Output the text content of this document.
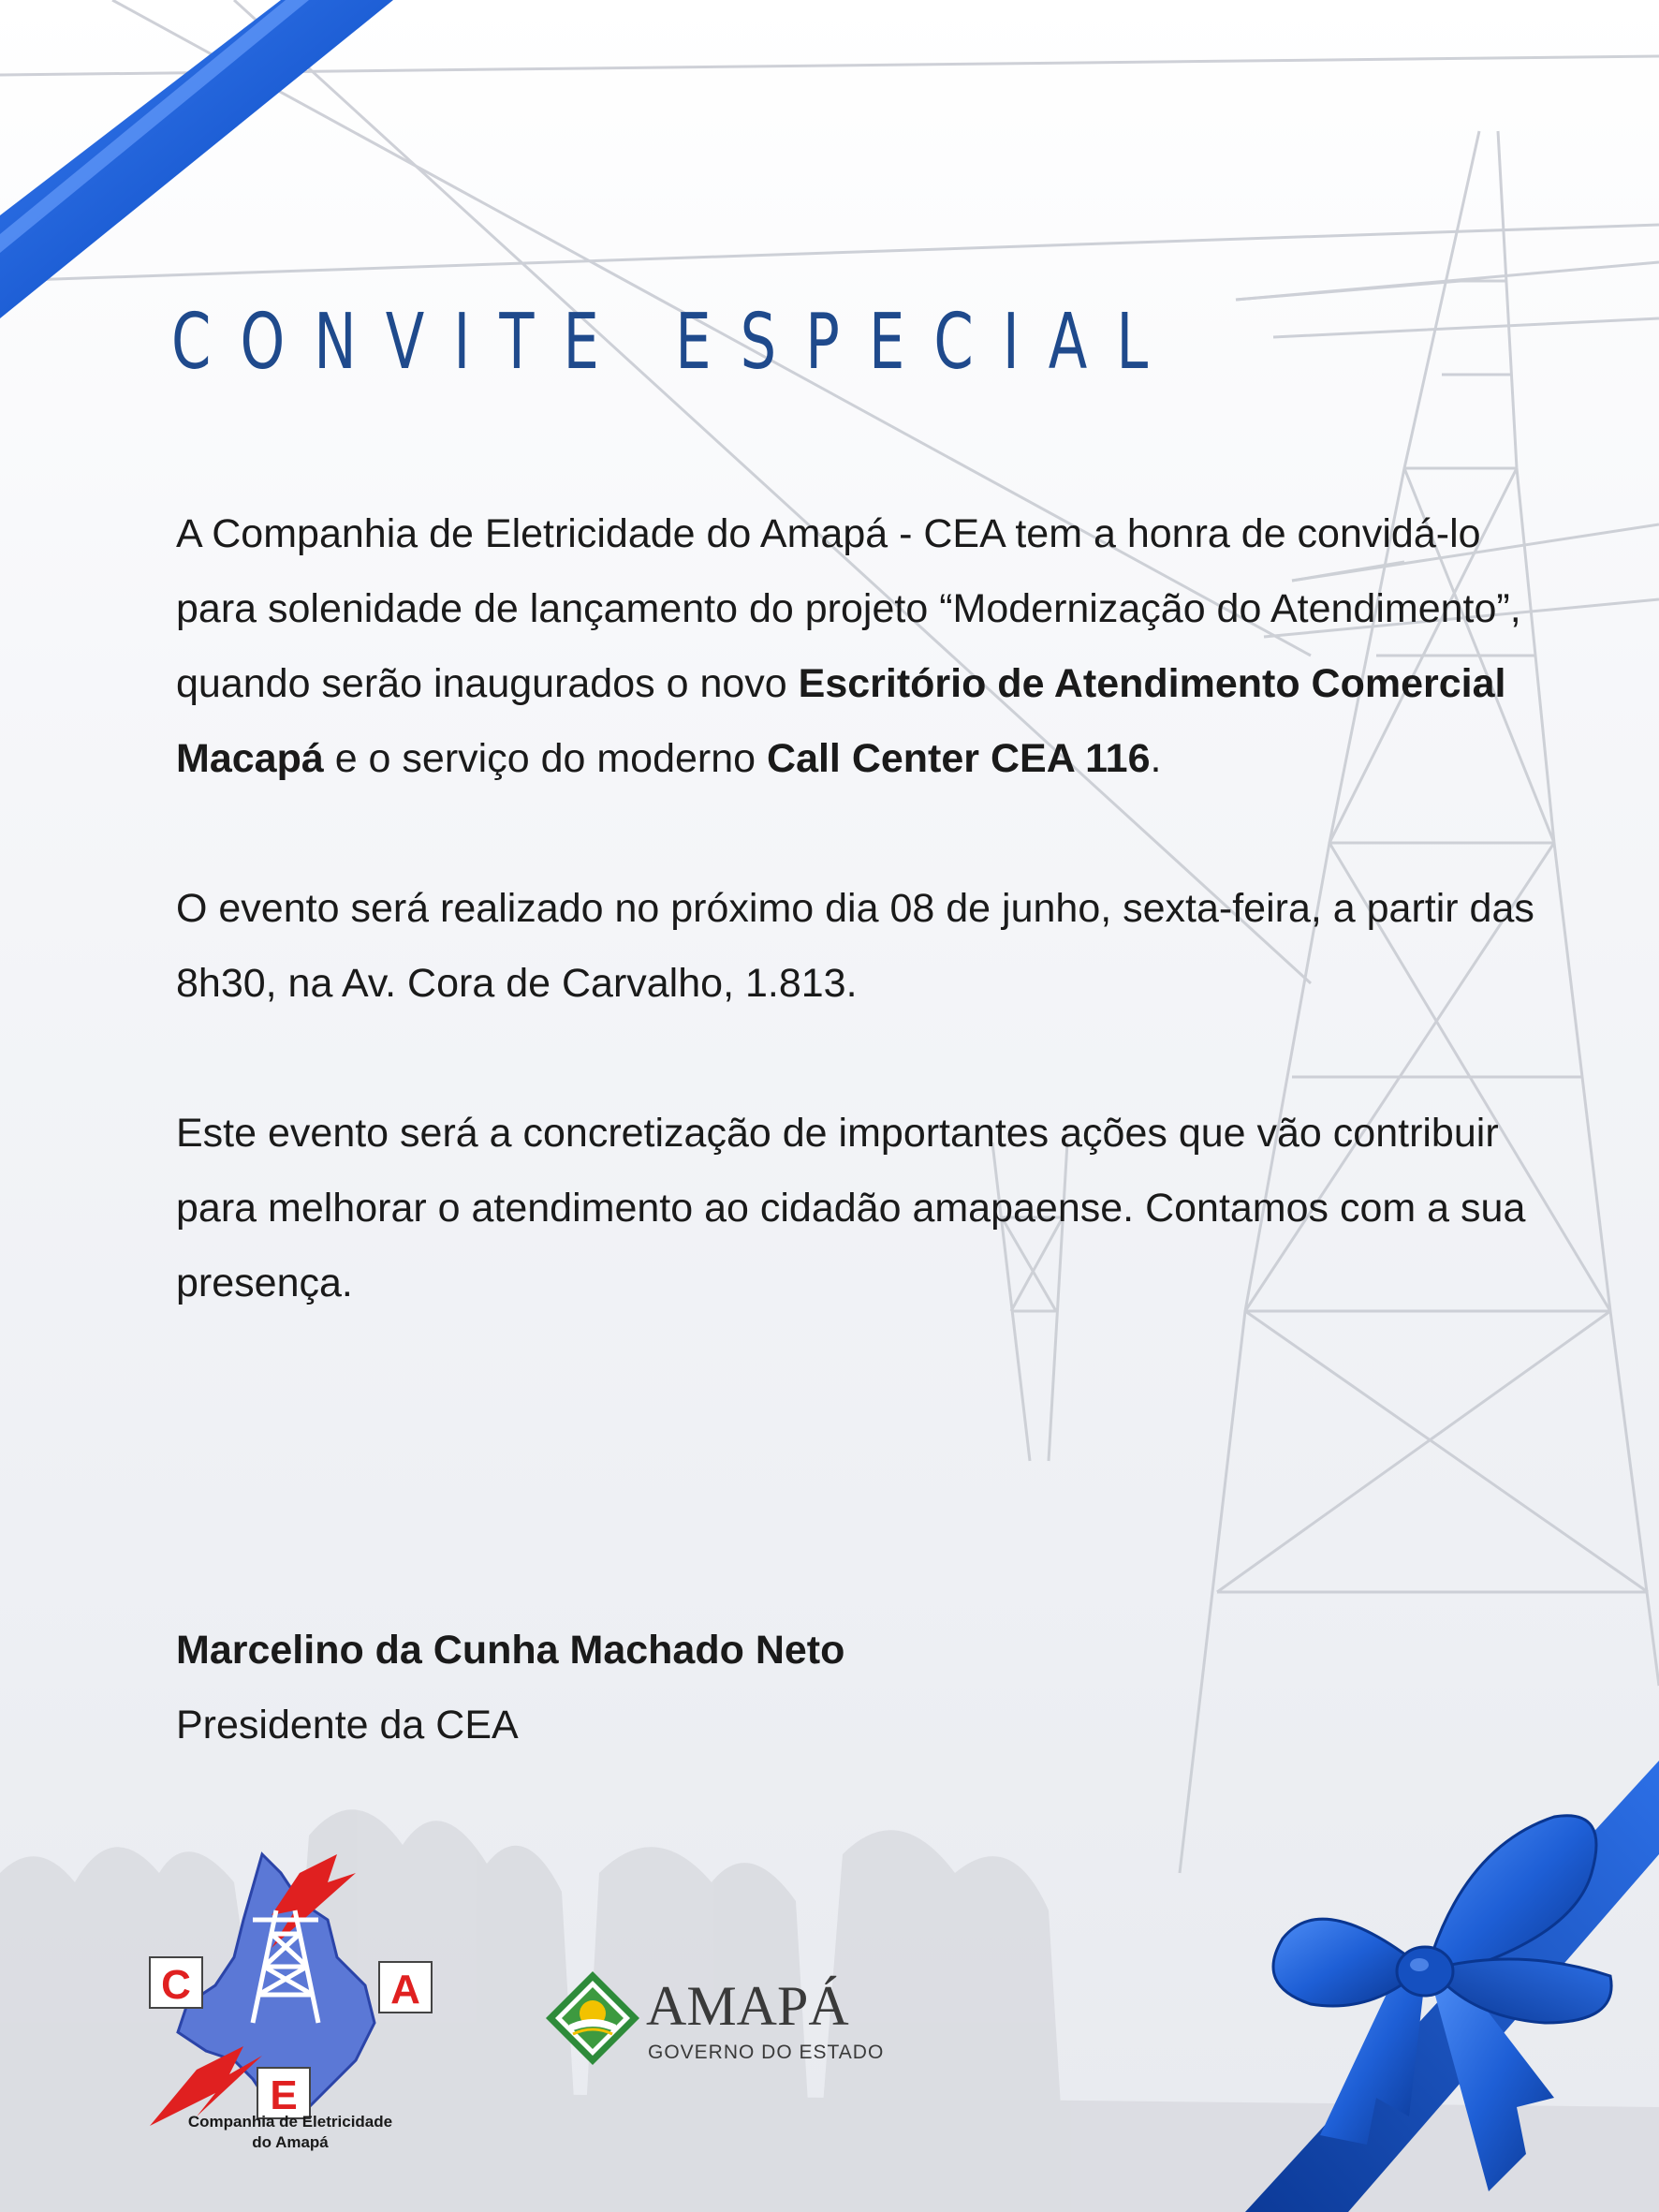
CONVITE ESPECIAL

A Companhia de Eletricidade do Amapá - CEA tem a honra de convidá-lo para solenidade de lançamento do projeto “Modernização do Atendimento”, quando serão inaugurados o novo Escritório de Atendimento Comercial Macapá e o serviço do moderno Call Center CEA 116.

O evento será realizado no próximo dia 08 de junho, sexta-feira, a partir das 8h30, na Av. Cora de Carvalho, 1.813.

Este evento será a concretização de importantes ações que vão contribuir para melhorar o atendimento ao cidadão amapaense. Contamos com a sua presença.

Marcelino da Cunha Machado Neto

Presidente da CEA

C	A
E
Companhia de Eletricidade do Amapá

AMAPÁ

GOVERNO DO ESTADO
